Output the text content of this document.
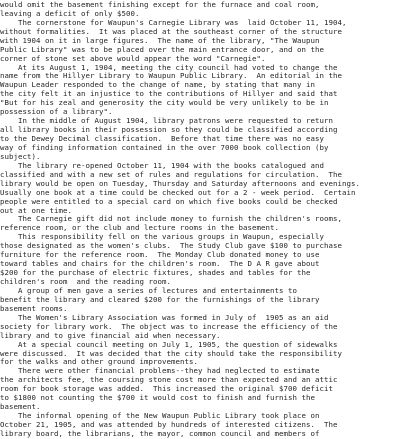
would omit the basement finishing except for the furnace and coal room,
leaving a deficit of only $500.
The cornerstone for Waupun's Carnegie Library was  laid October 11, 1904,
without formalities.  It was placed at the southeast corner of the structure
with 1904 on it in large figures.  The name of the library, "The Waupun
Public Library" was to be placed over the main entrance door, and on the
corner of stone set above would appear the word "Carnegie".
At its August 1, 1904, meeting the city council had voted to change the
name from the Hillyer Library to Waupun Public Library.  An editorial in the
Waupun Leader responded to the change of name, by stating that many in
the city felt it an injustice to the contributions of Hillyer and said that
"But for his zeal and generosity the city would be very unlikely to be in
possession of a library".
In the middle of August 1904, library patrons were requested to return
all library books in their possession so they could be classified according
to the Dewey Decimal classification.  Before that time there was no easy
way of finding information contained in the over 7000 book collection (by
subject).
The library re-opened October 11, 1904 with the books catalogued and
classified and with a new set of rules and regulations for circulation.  The
library would be open on Tuesday, Thursday and Saturday afternoons and evenings.
Usually one book at a time could be checked out for a 2 - week period.  Certain
people were entitled to a special card on which five books could be checked
out at one time.
The Carnegie gift did not include money to furnish the children's rooms,
reference room, or the club and lecture rooms in the basement.
This responsibility fell on the various groups in Waupun, especially
those designated as the women's clubs.  The Study Club gave $100 to purchase
furniture for the reference room.  The Monday Club donated money to use
toward tables and chairs for the children's room.  The D A R gave about
$200 for the purchase of electric fixtures, shades and tables for the
children's room  and the reading room.
A group of men gave a series of lectures and entertainments to
benefit the library and cleared $200 for the furnishings of the library
basement rooms.
The Women's Library Association was formed in July of  1905 as an aid
society for library work.  The object was to increase the efficiency of the
library and to give financial aid when necessary.
At a special council meeting on July 1, 1905, the question of sidewalks
were discussed.  It was decided that the city should take the responsibility
for the walks and other ground improvements.
There were other financial problems--they had neglected to estimate
the architects fee, the coursing stone cost more than expected and an attic
room for book storage was added.  This increased the original $700 deficit
to $1800 not counting the $700 it would cost to finish and furnish the
basement.
The informal opening of the New Waupun Public Library took place on
October 21, 1905, and was attended by hundreds of interested citizens.  The
library board, the librarians, the mayor, common council and members of
